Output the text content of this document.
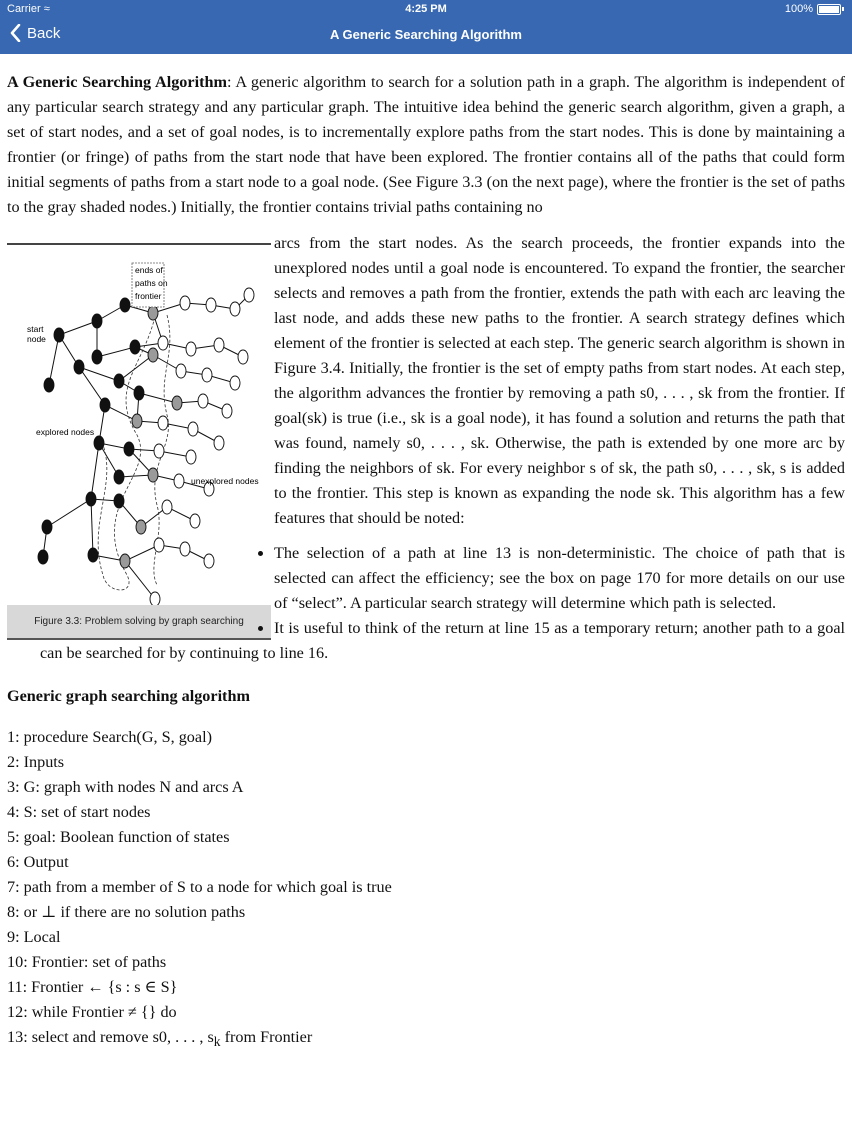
Carrier ≈	4:25 PM	100%
Back	A Generic Searching Algorithm

A Generic Searching Algorithm: A generic algorithm to search for a solution path in a graph. The algorithm is independent of any particular search strategy and any particular graph. The intuitive idea behind the generic search algorithm, given a graph, a set of start nodes, and a set of goal nodes, is to incrementally explore paths from the start nodes. This is done by maintaining a frontier (or fringe) of paths from the start node that have been explored. The frontier contains all of the paths that could form initial segments of paths from a start node to a goal node. (See Figure 3.3 (on the next page), where the frontier is the set of paths to the gray shaded nodes.) Initially, the frontier contains trivial paths containing no

ends of
paths on
frontier
start
node
explored nodes
unexplored nodes
Figure 3.3: Problem solving by graph searching

arcs from the start nodes. As the search proceeds, the frontier expands into the unexplored nodes until a goal node is encountered. To expand the frontier, the searcher selects and removes a path from the frontier, extends the path with each arc leaving the last node, and adds these new paths to the frontier. A search strategy defines which element of the frontier is selected at each step. The generic search algorithm is shown in Figure 3.4. Initially, the frontier is the set of empty paths from start nodes. At each step, the algorithm advances the frontier by removing a path s0, . . . , sk from the frontier. If goal(sk) is true (i.e., sk is a goal node), it has found a solution and returns the path that was found, namely s0, . . . , sk. Otherwise, the path is extended by one more arc by finding the neighbors of sk. For every neighbor s of sk, the path s0, . . . , sk, s is added to the frontier. This step is known as expanding the node sk. This algorithm has a few features that should be noted:

• The selection of a path at line 13 is non-deterministic. The choice of path that is selected can affect the efficiency; see the box on page 170 for more details on our use of “select”. A particular search strategy will determine which path is selected.
• It is useful to think of the return at line 15 as a temporary return; another path to a goal can be searched for by continuing to line 16.
Generic graph searching algorithm
1: procedure Search(G, S, goal)
2: Inputs
3: G: graph with nodes N and arcs A
4: S: set of start nodes
5: goal: Boolean function of states
6: Output
7: path from a member of S to a node for which goal is true
8: or ⊥ if there are no solution paths
9: Local
10: Frontier: set of paths
11: Frontier ← {s : s ∈ S}
12: while Frontier ≠ {} do
13: select and remove s0, . . . , $s_k$ from Frontier
